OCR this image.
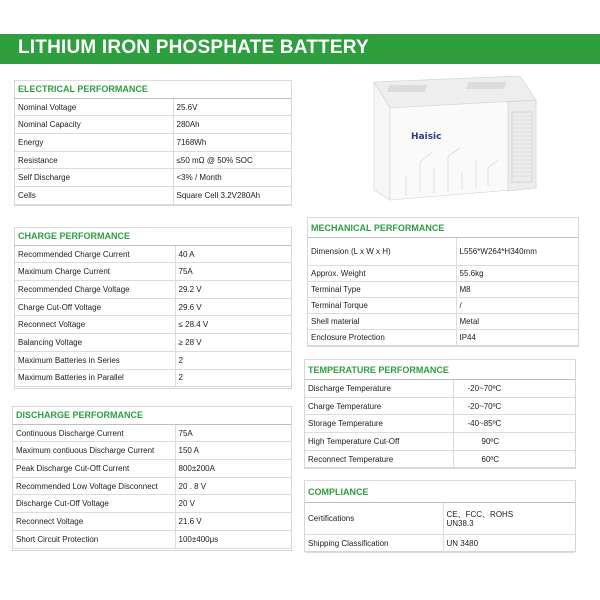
LITHIUM IRON PHOSPHATE BATTERY
Haisic
ELECTRICAL PERFORMANCE	
Nominal Voltage	25.6V
Nominal Capacity	280Ah
Energy	7168Wh
Resistance	≤50 mΩ @ 50% SOC
Self Discharge	<3% / Month
Cells	Square Cell 3.2V280Ah
CHARGE PERFORMANCE	
Recommended Charge Current	40 A
Maximum Charge Current	75A
Recommended Charge Voltage	29.2 V
Charge Cut-Off Voltage	29.6 V
Reconnect Voltage	≤ 28.4 V
Balancing Voltage	≥ 28 V
Maximum Batteries in Series	2
Maximum Batteries in Parallel	2
DISCHARGE PERFORMANCE	
Continuous Discharge Current	75A
Maximum contiuous Discharge Current	150 A
Peak Discharge Cut-Off Current	800±200A
Recommended Low Voltage Disconnect	20 . 8 V
Discharge Cut-Off Voltage	20 V
Reconnect Voltage	21.6 V
Short Circuit Protection	100±400μs
MECHANICAL PERFORMANCE	
Dimension (L x W x H)	L556*W264*H340mm
Approx. Weight	55.6kg
Terminal Type	M8
Terminal Torque	/
Shell material	Metal
Enclosure Protection	IP44
TEMPERATURE PERFORMANCE	
Discharge Temperature	-20~70ºC
Charge Temperature	-20~70ºC
Storage Temperature	-40~85ºC
High Temperature Cut-Off	90ºC
Reconnect Temperature	60ºC
COMPLIANCE	
Certifications	CE、FCC、ROHS
UN38.3

Shipping Classification	UN 3480
